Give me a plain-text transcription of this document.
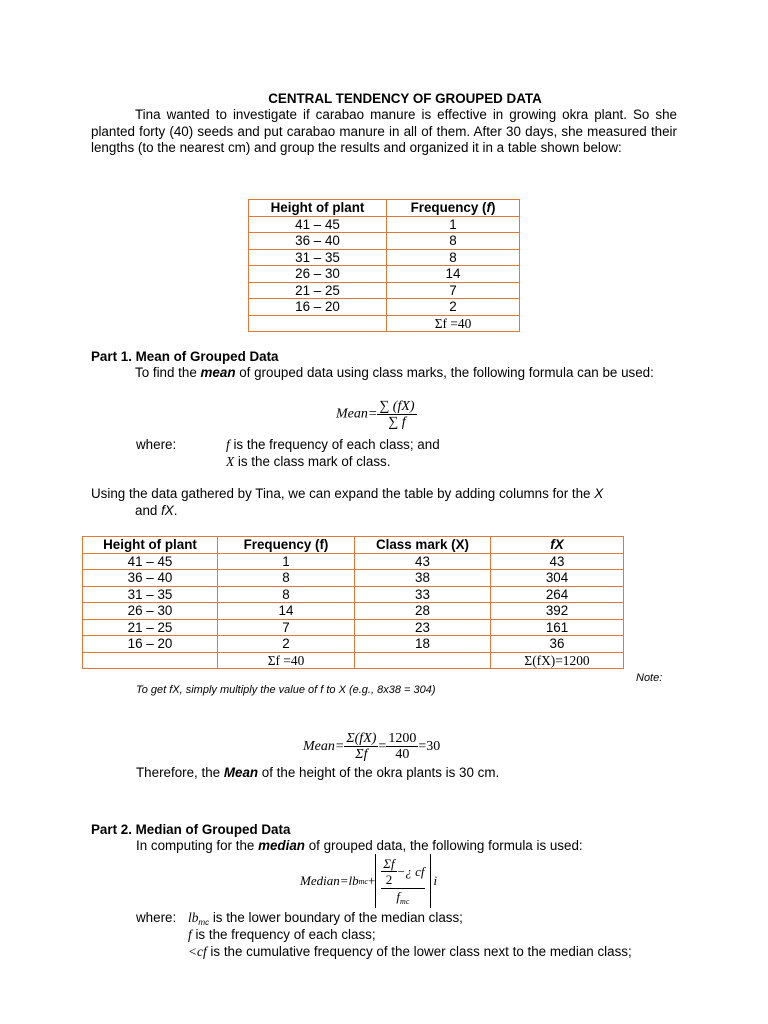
CENTRAL TENDENCY OF GROUPED DATA
Tina wanted to investigate if carabao manure is effective in growing okra plant. So she planted forty (40) seeds and put carabao manure in all of them. After 30 days, she measured their lengths (to the nearest cm) and group the results and organized it in a table shown below:
Height of plant	Frequency (f)
41 – 45	1
36 – 40	8
31 – 35	8
26 – 30	14
21 – 25	7
16 – 20	2
	Σf =40
Part 1. Mean of Grouped Data
To find the mean of grouped data using class marks, the following formula can be used:
Mean= $\frac{\sum (fX)}{\sum f}$
where:	f is the frequency of each class; and
X is the class mark of class.
Using the data gathered by Tina, we can expand the table by adding columns for the X
and fX.
Height of plant	Frequency (f)	Class mark (X)	fX
41 – 45	1	43	43
36 – 40	8	38	304
31 – 35	8	33	264
26 – 30	14	28	392
21 – 25	7	23	161
16 – 20	2	18	36
	Σf =40		Σ(fX)=1200
Note:
To get fX, simply multiply the value of f to X (e.g., 8x38 = 304)
Mean= $\frac{\Sigma(fX)}{\Sigma f} = \frac{1200}{40} =30$
Therefore, the Mean of the height of the okra plants is 30 cm.
Part 2. Median of Grouped Data
In computing for the median of grouped data, the following formula is used:
Median=lb mc + $\frac{\Sigma f}{2}$ −¿ cf
$f_{mc}$
i
where: $lb_{mc}$ is the lower boundary of the median class;
f is the frequency of each class;
<cf is the cumulative frequency of the lower class next to the median class;
